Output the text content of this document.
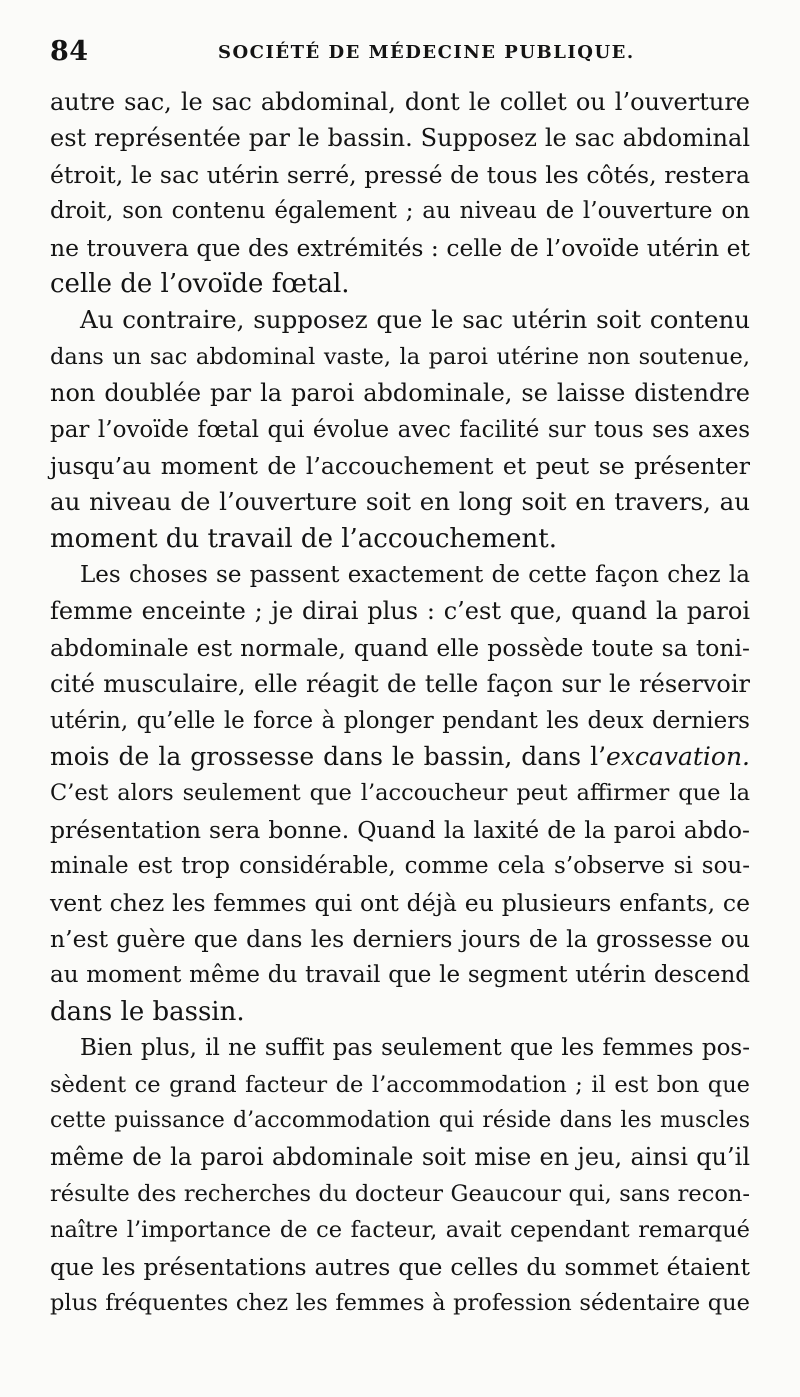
84	SOCIÉTÉ DE MÉDECINE PUBLIQUE.
autre sac, le sac abdominal, dont le collet ou l’ouverture
est représentée par le bassin. Supposez le sac abdominal
étroit, le sac utérin serré, pressé de tous les côtés, restera
droit, son contenu également ; au niveau de l’ouverture on
ne trouvera que des extrémités : celle de l’ovoïde utérin et
celle de l’ovoïde fœtal.
Au contraire, supposez que le sac utérin soit contenu
dans un sac abdominal vaste, la paroi utérine non soutenue,
non doublée par la paroi abdominale, se laisse distendre
par l’ovoïde fœtal qui évolue avec facilité sur tous ses axes
jusqu’au moment de l’accouchement et peut se présenter
au niveau de l’ouverture soit en long soit en travers, au
moment du travail de l’accouchement.
Les choses se passent exactement de cette façon chez la
femme enceinte ; je dirai plus : c’est que, quand la paroi
abdominale est normale, quand elle possède toute sa toni-
cité musculaire, elle réagit de telle façon sur le réservoir
utérin, qu’elle le force à plonger pendant les deux derniers
mois de la grossesse dans le bassin, dans l’excavation.
C’est alors seulement que l’accoucheur peut affirmer que la
présentation sera bonne. Quand la laxité de la paroi abdo-
minale est trop considérable, comme cela s’observe si sou-
vent chez les femmes qui ont déjà eu plusieurs enfants, ce
n’est guère que dans les derniers jours de la grossesse ou
au moment même du travail que le segment utérin descend
dans le bassin.
Bien plus, il ne suffit pas seulement que les femmes pos-
sèdent ce grand facteur de l’accommodation ; il est bon que
cette puissance d’accommodation qui réside dans les muscles
même de la paroi abdominale soit mise en jeu, ainsi qu’il
résulte des recherches du docteur Geaucour qui, sans recon-
naître l’importance de ce facteur, avait cependant remarqué
que les présentations autres que celles du sommet étaient
plus fréquentes chez les femmes à profession sédentaire que
